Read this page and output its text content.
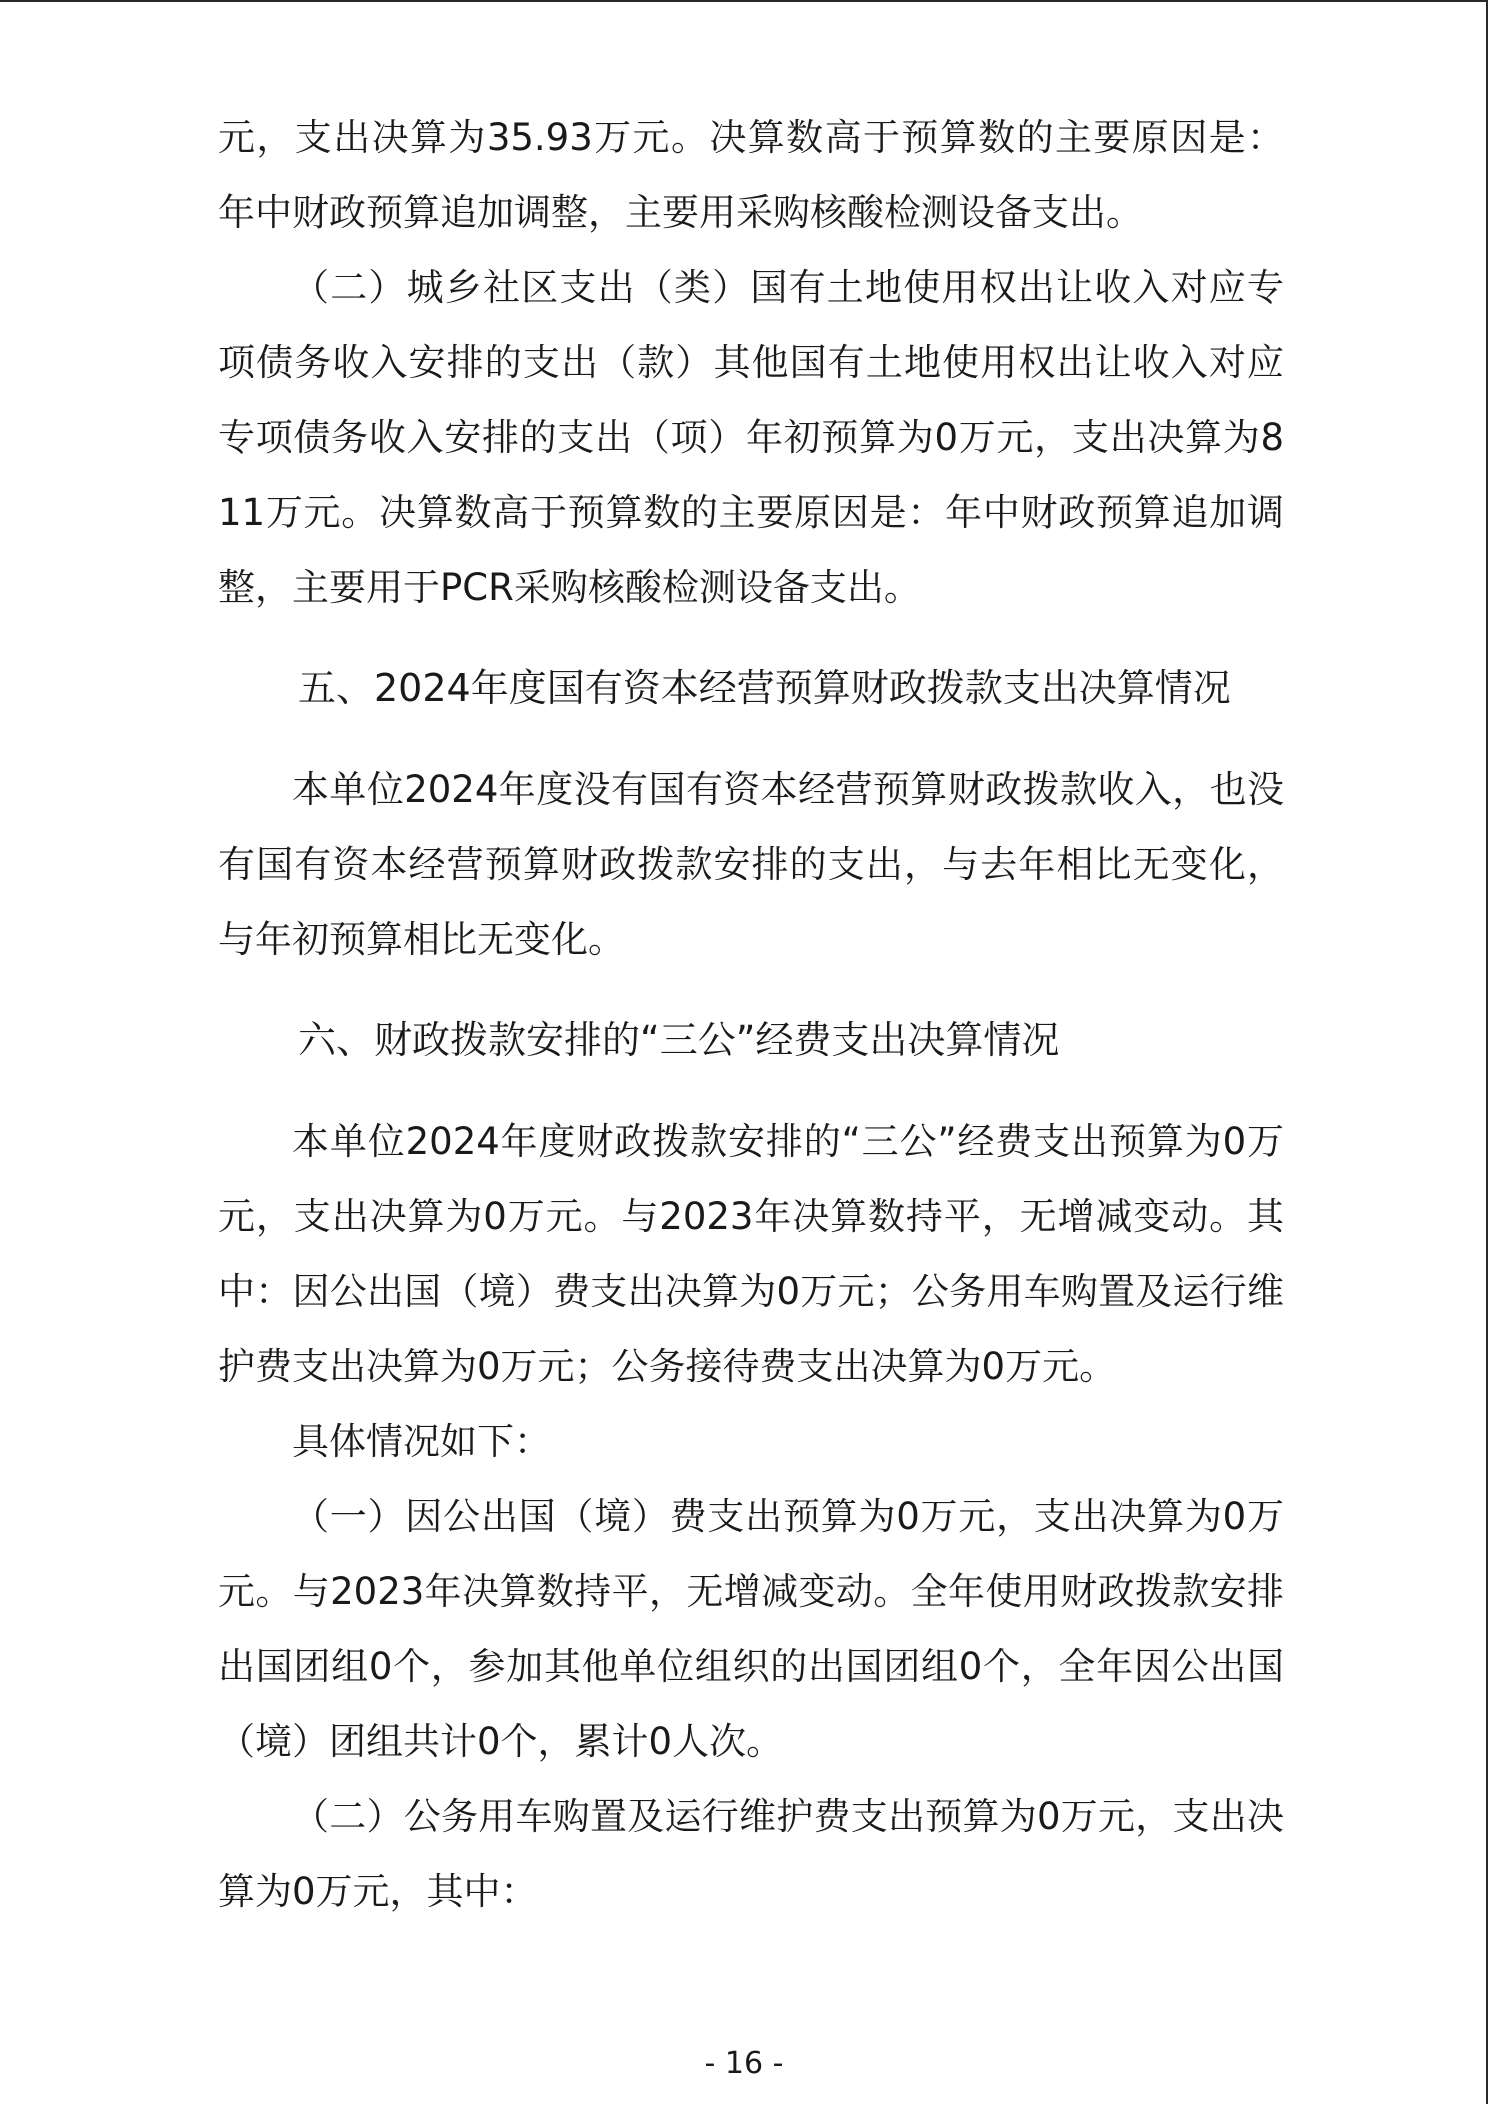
元，支出决算为35.93万元。决算数高于预算数的主要原因是：年中财政预算追加调整，主要用采购核酸检测设备支出。

（二）城乡社区支出（类）国有土地使用权出让收入对应专项债务收入安排的支出（款）其他国有土地使用权出让收入对应专项债务收入安排的支出（项）年初预算为0万元，支出决算为811万元。决算数高于预算数的主要原因是：年中财政预算追加调整，主要用于PCR采购核酸检测设备支出。

五、2024年度国有资本经营预算财政拨款支出决算情况

本单位2024年度没有国有资本经营预算财政拨款收入，也没有国有资本经营预算财政拨款安排的支出，与去年相比无变化，与年初预算相比无变化。

六、财政拨款安排的“三公”经费支出决算情况

本单位2024年度财政拨款安排的“三公”经费支出预算为0万元，支出决算为0万元。与2023年决算数持平，无增减变动。其中：因公出国（境）费支出决算为0万元；公务用车购置及运行维护费支出决算为0万元；公务接待费支出决算为0万元。

具体情况如下：

（一）因公出国（境）费支出预算为0万元，支出决算为0万元。与2023年决算数持平，无增减变动。全年使用财政拨款安排出国团组0个，参加其他单位组织的出国团组0个，全年因公出国（境）团组共计0个，累计0人次。

（二）公务用车购置及运行维护费支出预算为0万元，支出决算为0万元，其中：

- 16 -
